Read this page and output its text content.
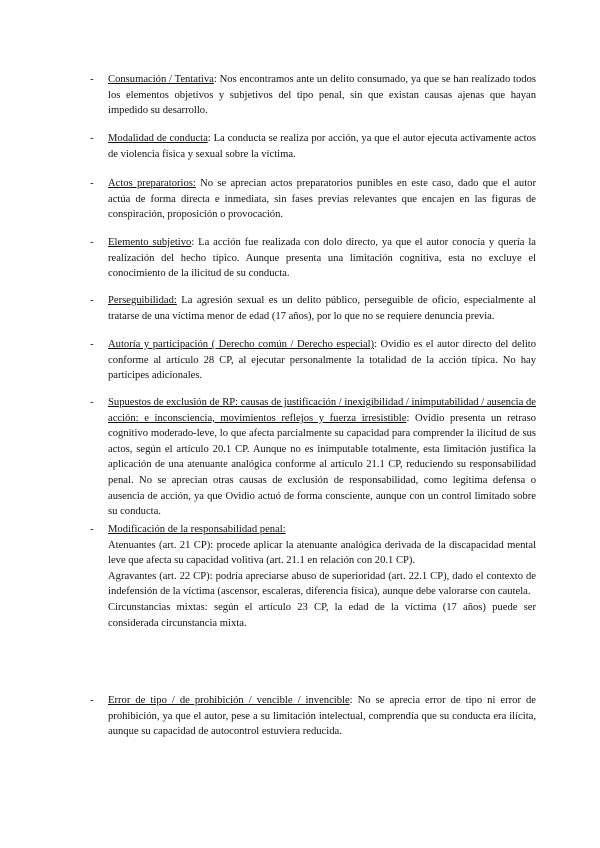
- Consumación / Tentativa: Nos encontramos ante un delito consumado, ya que se han realizado todos los elementos objetivos y subjetivos del tipo penal, sin que existan causas ajenas que hayan impedido su desarrollo.
- Modalidad de conducta: La conducta se realiza por acción, ya que el autor ejecuta activamente actos de violencia física y sexual sobre la víctima.
- Actos preparatorios: No se aprecian actos preparatorios punibles en este caso, dado que el autor actúa de forma directa e inmediata, sin fases previas relevantes que encajen en las figuras de conspiración, proposición o provocación.
- Elemento subjetivo: La acción fue realizada con dolo directo, ya que el autor conocía y quería la realización del hecho típico. Aunque presenta una limitación cognitiva, esta no excluye el conocimiento de la ilicitud de su conducta.
- Perseguibilidad: La agresión sexual es un delito público, perseguible de oficio, especialmente al tratarse de una víctima menor de edad (17 años), por lo que no se requiere denuncia previa.
- Autoría y participación ( Derecho común / Derecho especial): Ovidio es el autor directo del delito conforme al artículo 28 CP, al ejecutar personalmente la totalidad de la acción típica. No hay partícipes adicionales.
- Supuestos de exclusión de RP: causas de justificación / inexigibilidad / inimputabilidad / ausencia de acción: e inconsciencia, movimientos reflejos y fuerza irresistible: Ovidio presenta un retraso cognitivo moderado-leve, lo que afecta parcialmente su capacidad para comprender la ilicitud de sus actos, según el artículo 20.1 CP. Aunque no es inimputable totalmente, esta limitación justifica la aplicación de una atenuante analógica conforme al artículo 21.1 CP, reduciendo su responsabilidad penal. No se aprecian otras causas de exclusión de responsabilidad, como legítima defensa o ausencia de acción, ya que Ovidio actuó de forma consciente, aunque con un control limitado sobre su conducta.
- Modificación de la responsabilidad penal:

Atenuantes (art. 21 CP): procede aplicar la atenuante analógica derivada de la discapacidad mental leve que afecta su capacidad volitiva (art. 21.1 en relación con 20.1 CP).

Agravantes (art. 22 CP): podría apreciarse abuso de superioridad (art. 22.1 CP), dado el contexto de indefensión de la víctima (ascensor, escaleras, diferencia física), aunque debe valorarse con cautela.

Circunstancias mixtas: según el artículo 23 CP, la edad de la víctima (17 años) puede ser considerada circunstancia mixta.

- Error de tipo / de prohibición / vencible / invencible: No se aprecia error de tipo ni error de prohibición, ya que el autor, pese a su limitación intelectual, comprendía que su conducta era ilícita, aunque su capacidad de autocontrol estuviera reducida.
